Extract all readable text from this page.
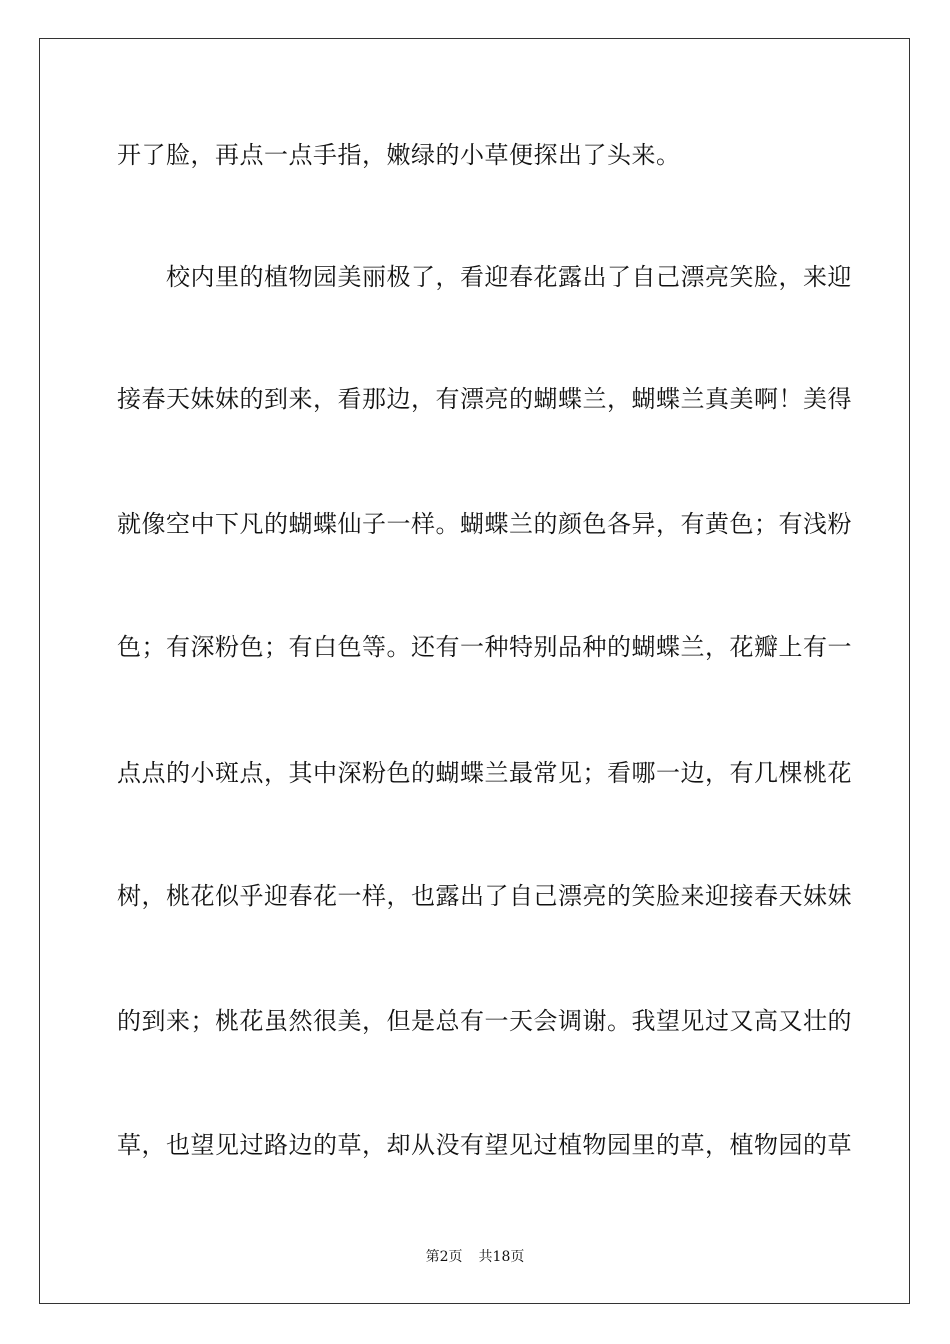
开了脸，再点一点手指，嫩绿的小草便探出了头来。
　　校内里的植物园美丽极了，看迎春花露出了自己漂亮笑脸，来迎
接春天妹妹的到来，看那边，有漂亮的蝴蝶兰，蝴蝶兰真美啊！美得
就像空中下凡的蝴蝶仙子一样。蝴蝶兰的颜色各异，有黄色；有浅粉
色；有深粉色；有白色等。还有一种特别品种的蝴蝶兰，花瓣上有一
点点的小斑点，其中深粉色的蝴蝶兰最常见；看哪一边，有几棵桃花
树，桃花似乎迎春花一样，也露出了自己漂亮的笑脸来迎接春天妹妹
的到来；桃花虽然很美，但是总有一天会调谢。我望见过又高又壮的
草，也望见过路边的草，却从没有望见过植物园里的草，植物园的草
第2页 共18页
